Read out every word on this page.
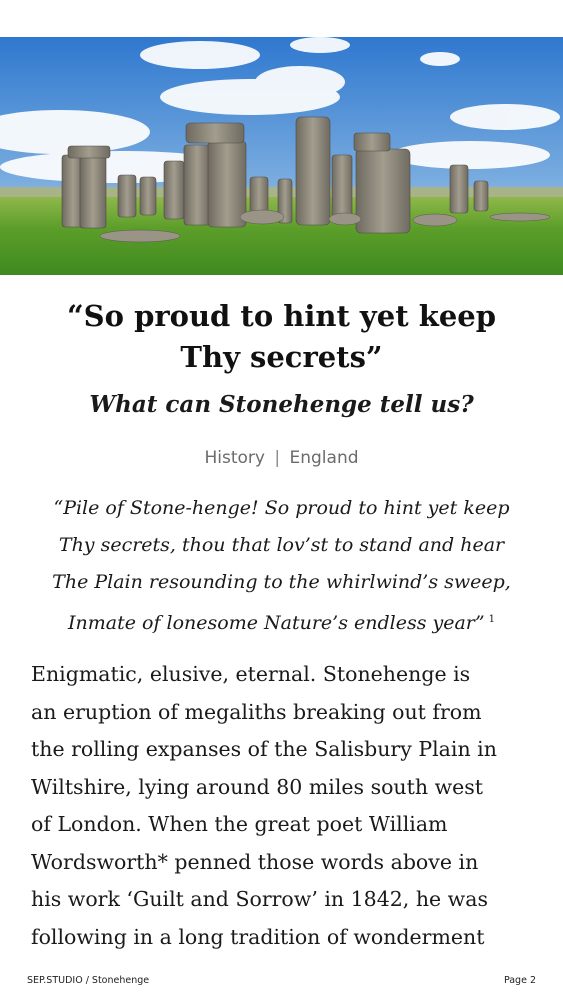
“So proud to hint yet keep
Thy secrets”
What can Stonehenge tell us?
History | England
“Pile of Stone-henge! So proud to hint yet keep
Thy secrets, thou that lov’st to stand and hear
The Plain resounding to the whirlwind’s sweep,
Inmate of lonesome Nature’s endless year” $^1$

Enigmatic, elusive, eternal. Stonehenge is
an eruption of megaliths breaking out from
the rolling expanses of the Salisbury Plain in
Wiltshire, lying around 80 miles south west
of London. When the great poet William
Wordsworth* penned those words above in
his work ‘Guilt and Sorrow’ in 1842, he was
following in a long tradition of wonderment

SEP.STUDIO / Stonehenge	Page 2
